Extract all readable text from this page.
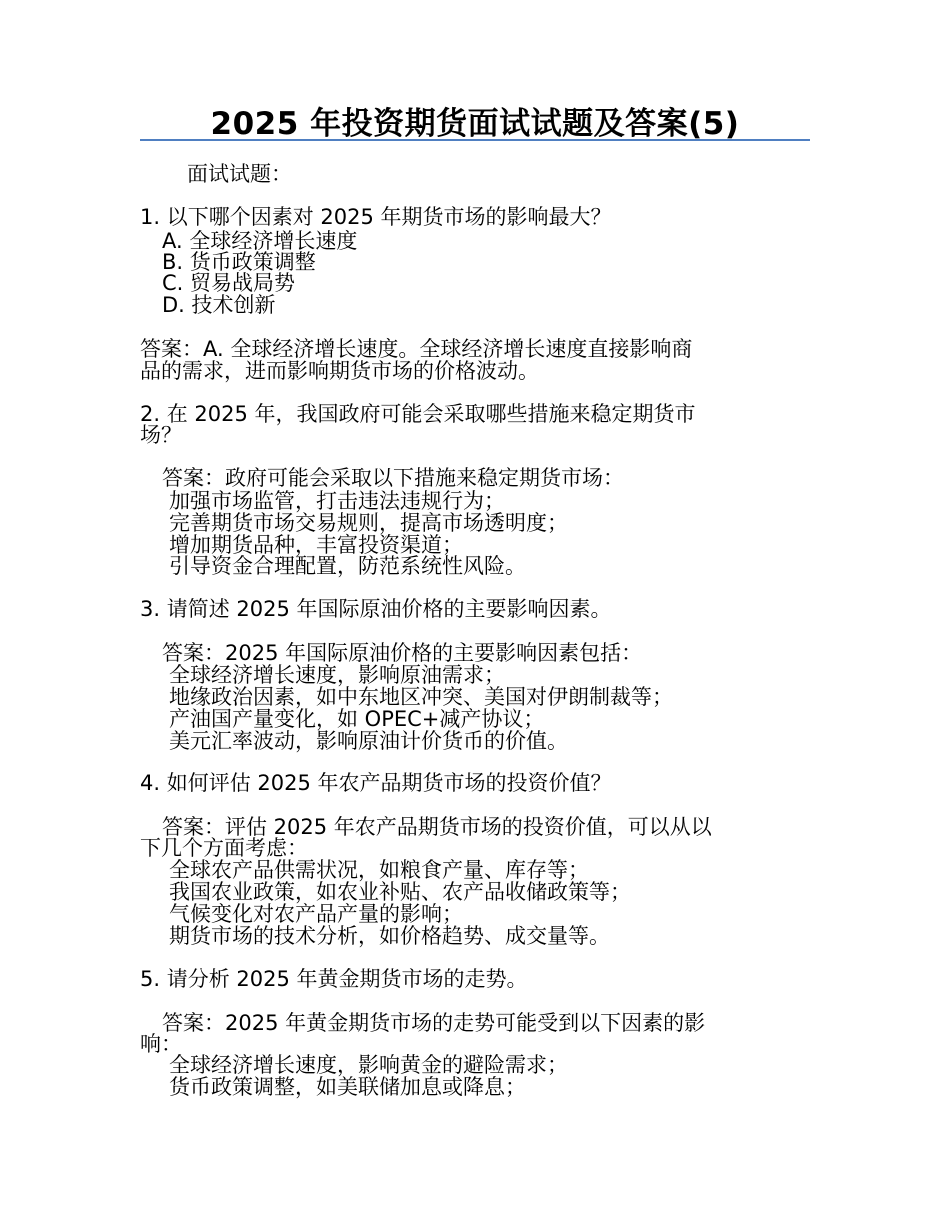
2025 年投资期货面试试题及答案(5)
面试试题：
1. 以下哪个因素对 2025 年期货市场的影响最大？
A. 全球经济增长速度
B. 货币政策调整
C. 贸易战局势
D. 技术创新
答案：A. 全球经济增长速度。全球经济增长速度直接影响商
品的需求，进而影响期货市场的价格波动。
2. 在 2025 年，我国政府可能会采取哪些措施来稳定期货市
场？
答案：政府可能会采取以下措施来稳定期货市场：
加强市场监管，打击违法违规行为；
完善期货市场交易规则，提高市场透明度；
增加期货品种，丰富投资渠道；
引导资金合理配置，防范系统性风险。
3. 请简述 2025 年国际原油价格的主要影响因素。
答案：2025 年国际原油价格的主要影响因素包括：
全球经济增长速度，影响原油需求；
地缘政治因素，如中东地区冲突、美国对伊朗制裁等；
产油国产量变化，如 OPEC+减产协议；
美元汇率波动，影响原油计价货币的价值。
4. 如何评估 2025 年农产品期货市场的投资价值？
答案：评估 2025 年农产品期货市场的投资价值，可以从以
下几个方面考虑：
全球农产品供需状况，如粮食产量、库存等；
我国农业政策，如农业补贴、农产品收储政策等；
气候变化对农产品产量的影响；
期货市场的技术分析，如价格趋势、成交量等。
5. 请分析 2025 年黄金期货市场的走势。
答案：2025 年黄金期货市场的走势可能受到以下因素的影
响：
全球经济增长速度，影响黄金的避险需求；
货币政策调整，如美联储加息或降息；
